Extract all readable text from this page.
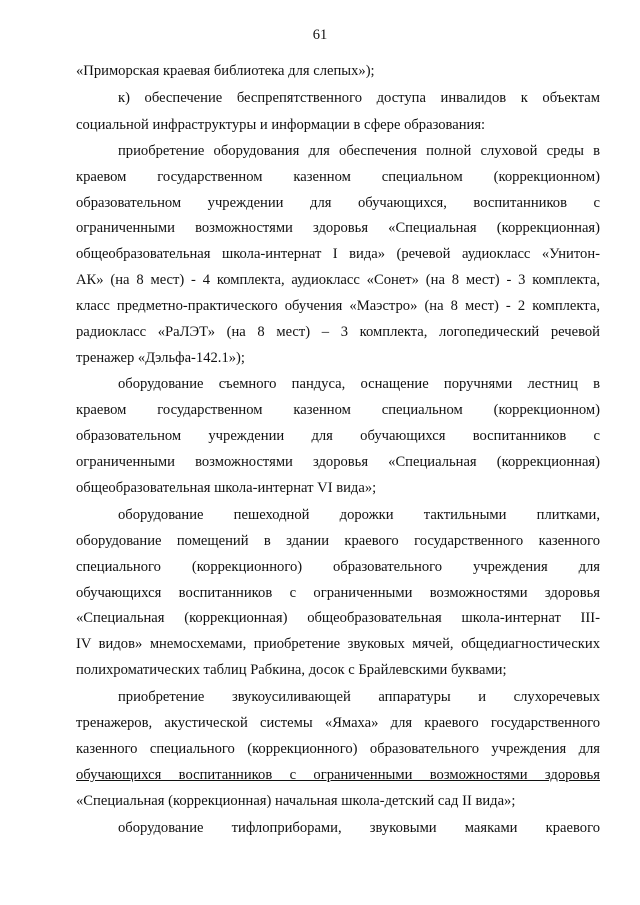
61
«Приморская краевая библиотека для слепых»);
к) обеспечение беспрепятственного доступа инвалидов к объектам
социальной инфраструктуры и информации в сфере образования:
приобретение оборудования для обеспечения полной слуховой среды в
краевом государственном казенном специальном (коррекционном)
образовательном учреждении для обучающихся, воспитанников с
ограниченными возможностями здоровья «Специальная (коррекционная)
общеобразовательная школа-интернат I вида» (речевой аудиокласс «Унитон-
АК» (на 8 мест) - 4 комплекта, аудиокласс «Сонет» (на 8 мест) - 3 комплекта,
класс предметно-практического обучения «Маэстро» (на 8 мест) - 2 комплекта,
радиокласс «РаЛЭТ» (на 8 мест) – 3 комплекта, логопедический речевой
тренажер «Дэльфа-142.1»);
оборудование съемного пандуса, оснащение поручнями лестниц в
краевом государственном казенном специальном (коррекционном)
образовательном учреждении для обучающихся воспитанников с
ограниченными возможностями здоровья «Специальная (коррекционная)
общеобразовательная школа-интернат VI вида»;
оборудование пешеходной дорожки тактильными плитками,
оборудование помещений в здании краевого государственного казенного
специального (коррекционного) образовательного учреждения для
обучающихся воспитанников с ограниченными возможностями здоровья
«Специальная (коррекционная) общеобразовательная школа-интернат III-
IV видов» мнемосхемами, приобретение звуковых мячей, общедиагностических
полихроматических таблиц Рабкина, досок с Брайлевскими буквами;
приобретение звукоусиливающей аппаратуры и слухоречевых
тренажеров, акустической системы «Ямаха» для краевого государственного
казенного специального (коррекционного) образовательного учреждения для
обучающихся воспитанников с ограниченными возможностями здоровья
«Специальная (коррекционная) начальная школа-детский сад II вида»;
оборудование тифлоприборами, звуковыми маяками краевого
